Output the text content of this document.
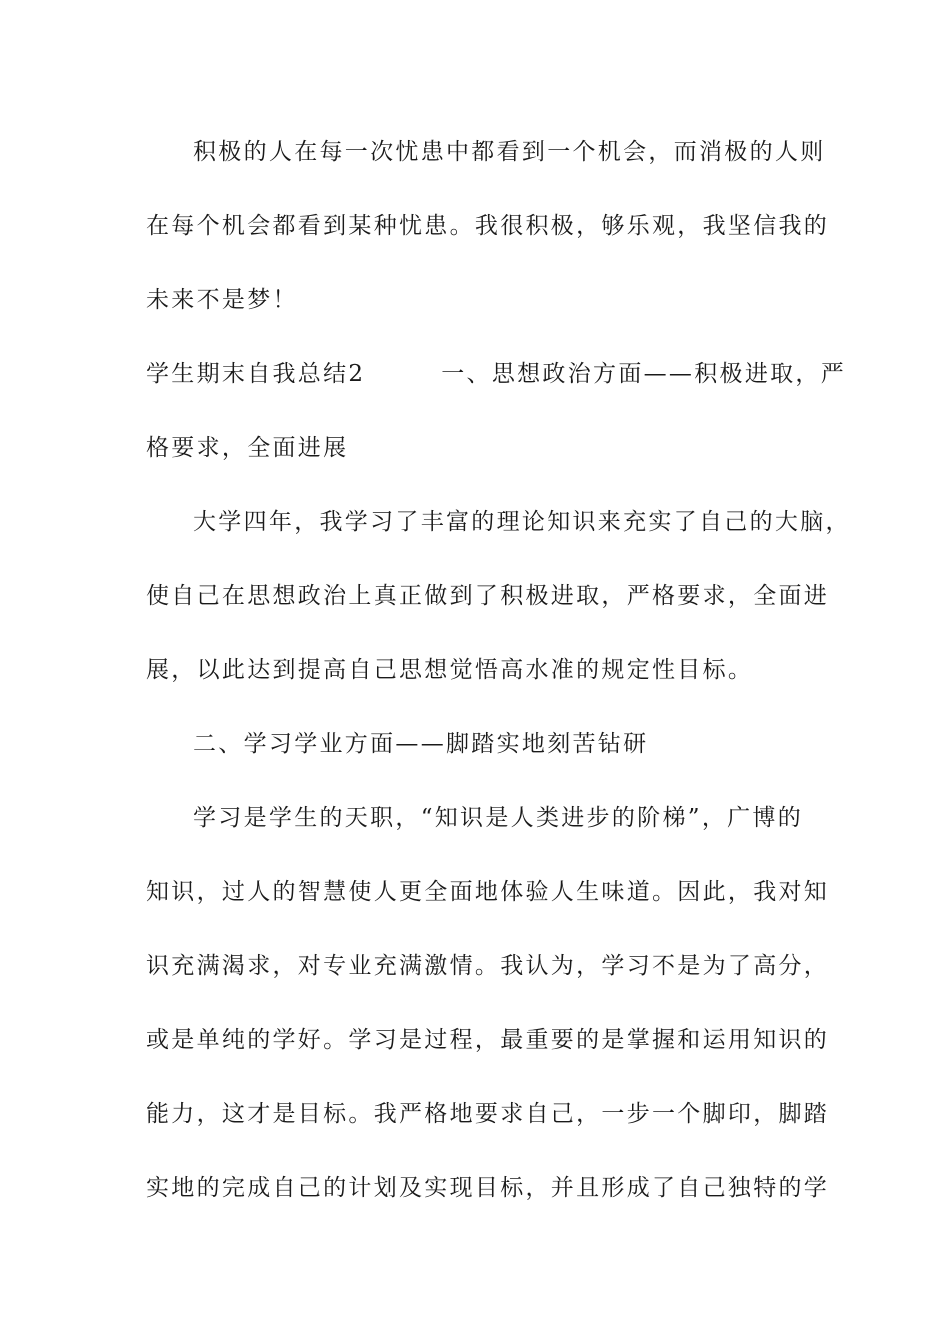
积极的人在每一次忧患中都看到一个机会，而消极的人则
在每个机会都看到某种忧患。我很积极，够乐观，我坚信我的
未来不是梦！
学生期末自我总结2　　　一、思想政治方面——积极进取，严
格要求，全面进展
大学四年，我学习了丰富的理论知识来充实了自己的大脑，
使自己在思想政治上真正做到了积极进取，严格要求，全面进
展，以此达到提高自己思想觉悟高水准的规定性目标。
二、学习学业方面——脚踏实地刻苦钻研
学习是学生的天职，“知识是人类进步的阶梯”，广博的
知识，过人的智慧使人更全面地体验人生味道。因此，我对知
识充满渴求，对专业充满激情。我认为，学习不是为了高分，
或是单纯的学好。学习是过程，最重要的是掌握和运用知识的
能力，这才是目标。我严格地要求自己，一步一个脚印，脚踏
实地的完成自己的计划及实现目标，并且形成了自己独特的学
